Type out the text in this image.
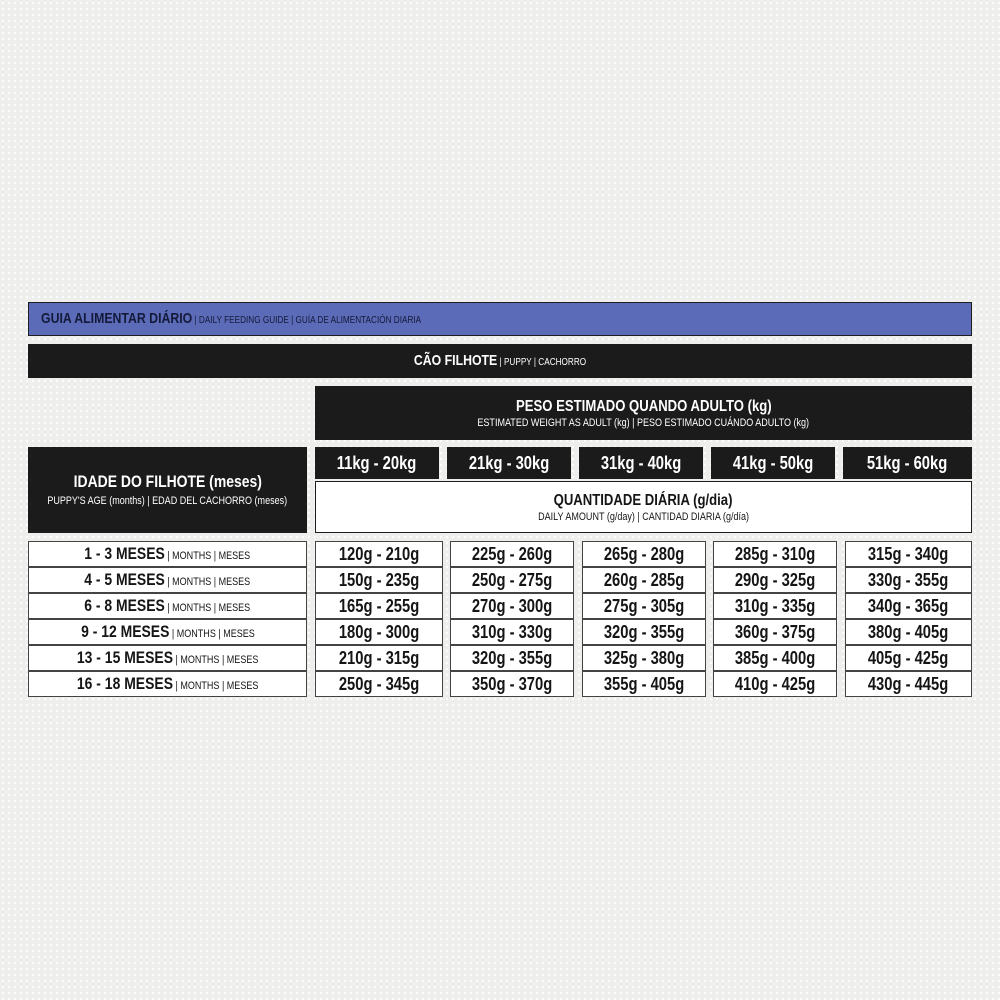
GUIA ALIMENTAR DIÁRIO | DAILY FEEDING GUIDE | GUÍA DE ALIMENTACIÓN DIARIA
CÃO FILHOTE | PUPPY | CACHORRO
PESO ESTIMADO QUANDO ADULTO (kg)
ESTIMATED WEIGHT AS ADULT (kg) | PESO ESTIMADO CUÁNDO ADULTO (kg)
IDADE DO FILHOTE (meses)
PUPPY'S AGE (months) | EDAD DEL CACHORRO (meses)
11kg - 20kg	21kg - 30kg	31kg - 40kg	41kg - 50kg	51kg - 60kg
QUANTIDADE DIÁRIA (g/dia)
DAILY AMOUNT (g/day) | CANTIDAD DIARIA (g/día)
1 - 3 MESES | MONTHS | MESES	120g - 210g	225g - 260g	265g - 280g	285g - 310g	315g - 340g
4 - 5 MESES | MONTHS | MESES	150g - 235g	250g - 275g	260g - 285g	290g - 325g	330g - 355g
6 - 8 MESES | MONTHS | MESES	165g - 255g	270g - 300g	275g - 305g	310g - 335g	340g - 365g
9 - 12 MESES | MONTHS | MESES	180g - 300g	310g - 330g	320g - 355g	360g - 375g	380g - 405g
13 - 15 MESES | MONTHS | MESES	210g - 315g	320g - 355g	325g - 380g	385g - 400g	405g - 425g
16 - 18 MESES | MONTHS | MESES	250g - 345g	350g - 370g	355g - 405g	410g - 425g	430g - 445g
